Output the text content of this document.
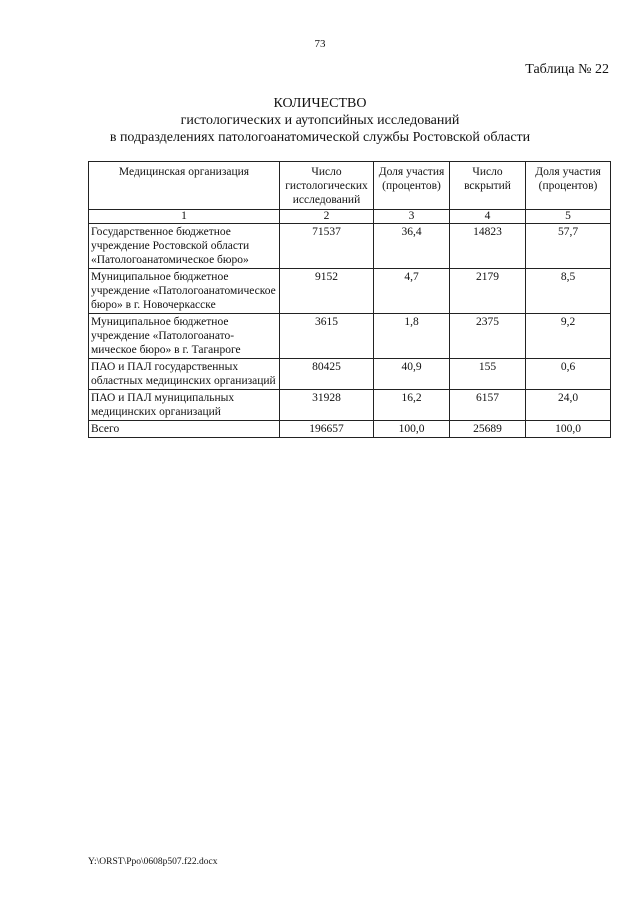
73
Таблица № 22
КОЛИЧЕСТВО
гистологических и аутопсийных исследований
в подразделениях патологоанатомической службы Ростовской области
Медицинская организация	Число гистологических исследований	Доля участия (процентов)	Число вскрытий	Доля участия (процентов)
1	2	3	4	5
Государственное бюджетное учреждение Ростовской области «Патологоанатомическое бюро»	71537	36,4	14823	57,7
Муниципальное бюджетное учреждение «Патологоанатомическое бюро» в г. Новочеркасске	9152	4,7	2179	8,5
Муниципальное бюджетное учреждение «Патологоанато-мическое бюро» в г. Таганроге	3615	1,8	2375	9,2
ПАО и ПАЛ государственных областных медицинских организаций	80425	40,9	155	0,6
ПАО и ПАЛ муниципальных медицинских организаций	31928	16,2	6157	24,0
Всего	196657	100,0	25689	100,0
Y:\ORST\Ppo\0608p507.f22.docx
